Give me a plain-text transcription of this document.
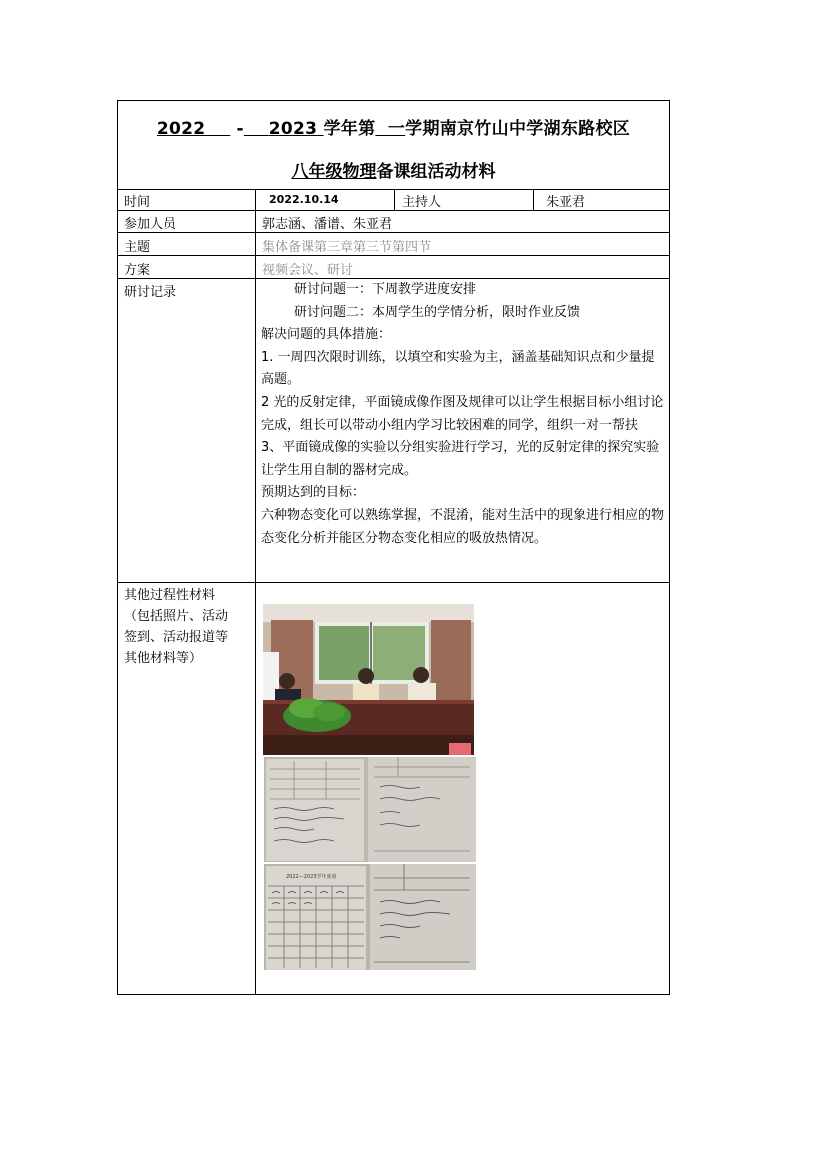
2022 - 2023 学年第 一学期南京竹山中学湖东路校区
八年级物理备课组活动材料
时间	2022.10.14	主持人	朱亚君
参加人员	郭志涵、潘谱、朱亚君
主题	集体备课第三章第三节第四节
方案	视频会议、研讨
研讨记录	研讨问题一：下周教学进度安排

研讨问题二：本周学生的学情分析，限时作业反馈

解决问题的具体措施：

1. 一周四次限时训练，以填空和实验为主，涵盖基础知识点和少量提高题。

2 光的反射定律，平面镜成像作图及规律可以让学生根据目标小组讨论完成，组长可以带动小组内学习比较困难的同学，组织一对一帮扶

3、平面镜成像的实验以分组实验进行学习，光的反射定律的探究实验让学生用自制的器材完成。

预期达到的目标：

六种物态变化可以熟练掌握，不混淆，能对生活中的现象进行相应的物态变化分析并能区分物态变化相应的吸放热情况。

其他过程性材料
（包括照片、活动
签到、活动报道等
其他材料等）
2022—2023学年度第
